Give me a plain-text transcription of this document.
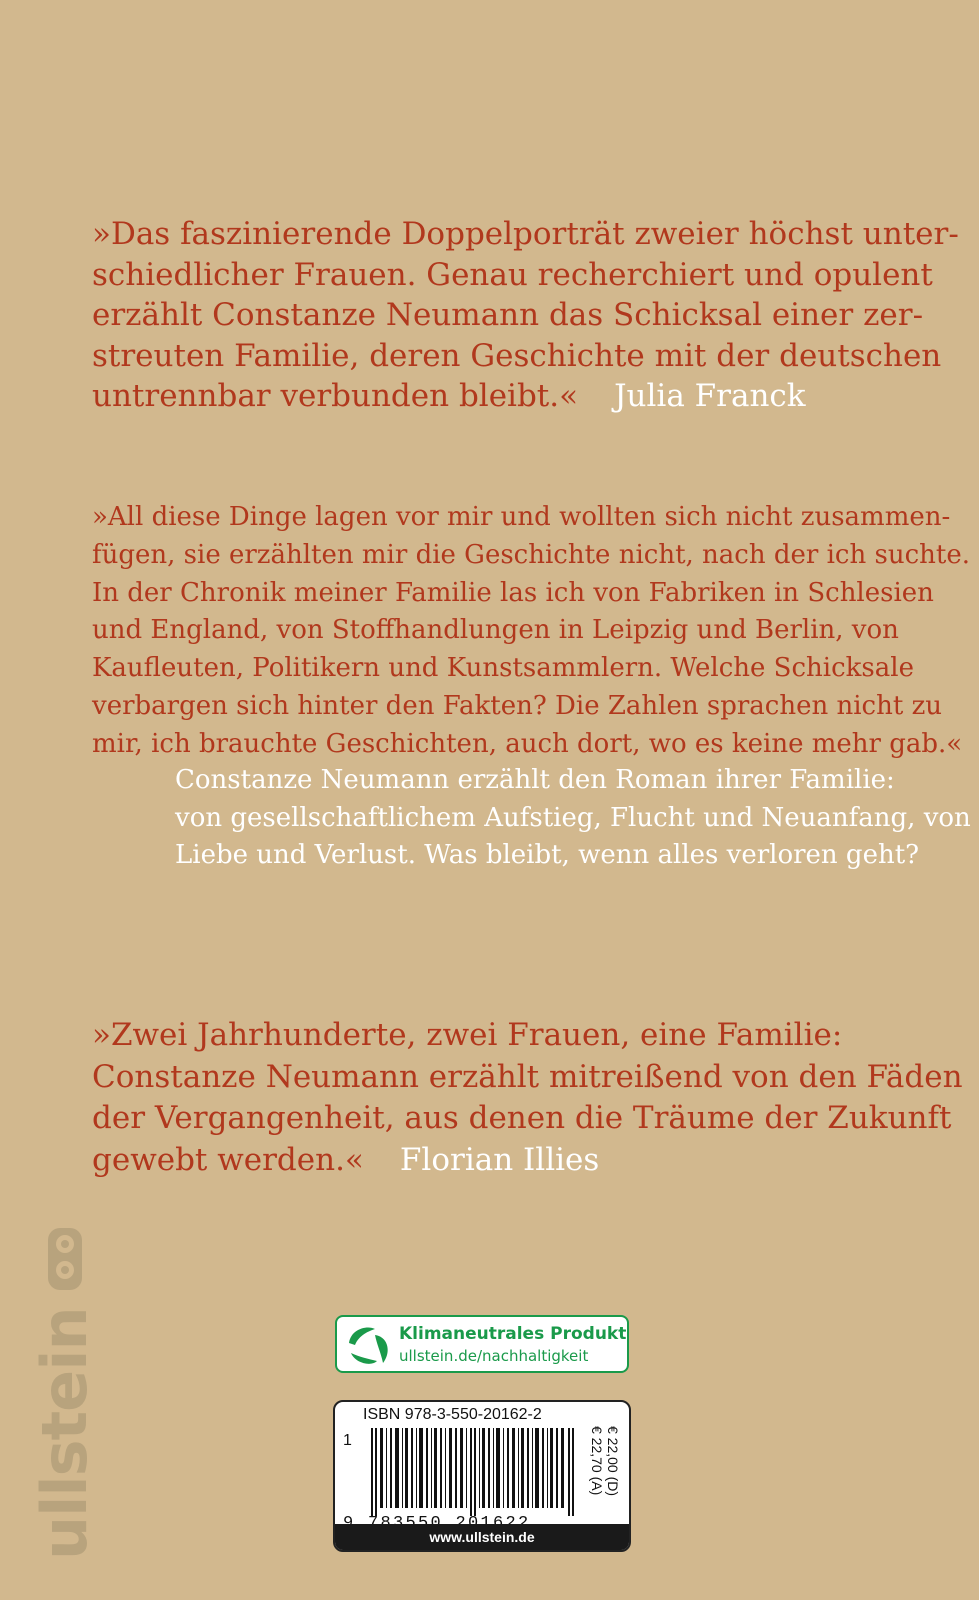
»Das faszinierende Doppelporträt zweier höchst unter-
schiedlicher Frauen. Genau recherchiert und opulent
erzählt Constanze Neumann das Schicksal einer zer-
streuten Familie, deren Geschichte mit der deutschen
untrennbar verbunden bleibt.« Julia Franck

»All diese Dinge lagen vor mir und wollten sich nicht zusammen-
fügen, sie erzählten mir die Geschichte nicht, nach der ich suchte.
In der Chronik meiner Familie las ich von Fabriken in Schlesien
und England, von Stoffhandlungen in Leipzig und Berlin, von
Kaufleuten, Politikern und Kunstsammlern. Welche Schicksale
verbargen sich hinter den Fakten? Die Zahlen sprachen nicht zu
mir, ich brauchte Geschichten, auch dort, wo es keine mehr gab.«

Constanze Neumann erzählt den Roman ihrer Familie:
von gesellschaftlichem Aufstieg, Flucht und Neuanfang, von
Liebe und Verlust. Was bleibt, wenn alles verloren geht?

»Zwei Jahrhunderte, zwei Frauen, eine Familie:
Constanze Neumann erzählt mitreißend von den Fäden
der Vergangenheit, aus denen die Träume der Zukunft
gewebt werden.« Florian Illies

ullstein	Klimaneutrales Produkt
ullstein.de/nachhaltigkeit
ISBN 978-3-550-20162-2
1	€ 22,00 (D)
€ 22,70 (A)
www.ullstein.de
